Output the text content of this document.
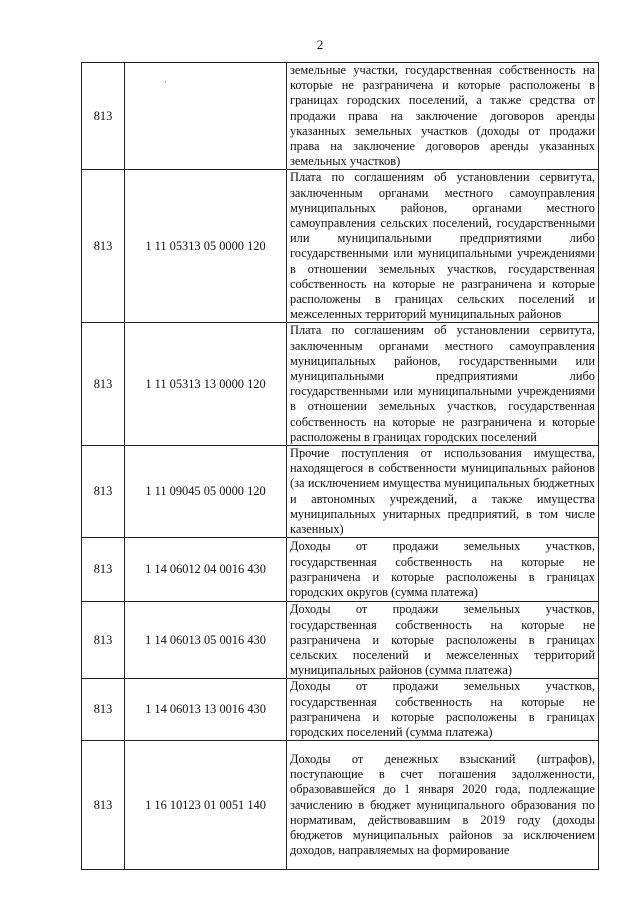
2
813	·	земельные участки, государственная собственность на которые не разграничена и которые расположены в границах городских поселений, а также средства от продажи права на заключение договоров аренды указанных земельных участков (доходы от продажи права на заключение договоров аренды указанных земельных участков)
813	1 11 05313 05 0000 120	Плата по соглашениям об установлении сервитута, заключенным органами местного самоуправления муниципальных районов, органами местного самоуправления сельских поселений, государственными или муниципальными предприятиями либо государственными или муниципальными учреждениями в отношении земельных участков, государственная собственность на которые не разграничена и которые расположены в границах сельских поселений и межселенных территорий муниципальных районов
813	1 11 05313 13 0000 120	Плата по соглашениям об установлении сервитута, заключенным органами местного самоуправления муниципальных районов, государственными или муниципальными предприятиями либо государственными или муниципальными учреждениями в отношении земельных участков, государственная собственность на которые не разграничена и которые расположены в границах городских поселений
813	1 11 09045 05 0000 120	Прочие поступления от использования имущества, находящегося в собственности муниципальных районов (за исключением имущества муниципальных бюджетных и автономных учреждений, а также имущества муниципальных унитарных предприятий, в том числе казенных)
813	1 14 06012 04 0016 430	Доходы от продажи земельных участков, государственная собственность на которые не разграничена и которые расположены в границах городских округов (сумма платежа)
813	1 14 06013 05 0016 430	Доходы от продажи земельных участков, государственная собственность на которые не разграничена и которые расположены в границах сельских поселений и межселенных территорий муниципальных районов (сумма платежа)
813	1 14 06013 13 0016 430	Доходы от продажи земельных участков, государственная собственность на которые не разграничена и которые расположены в границах городских поселений (сумма платежа)
813	1 16 10123 01 0051 140	Доходы от денежных взысканий (штрафов), поступающие в счет погашения задолженности, образовавшейся до 1 января 2020 года, подлежащие зачислению в бюджет муниципального образования по нормативам, действовавшим в 2019 году (доходы бюджетов муниципальных районов за исключением доходов, направляемых на формирование
